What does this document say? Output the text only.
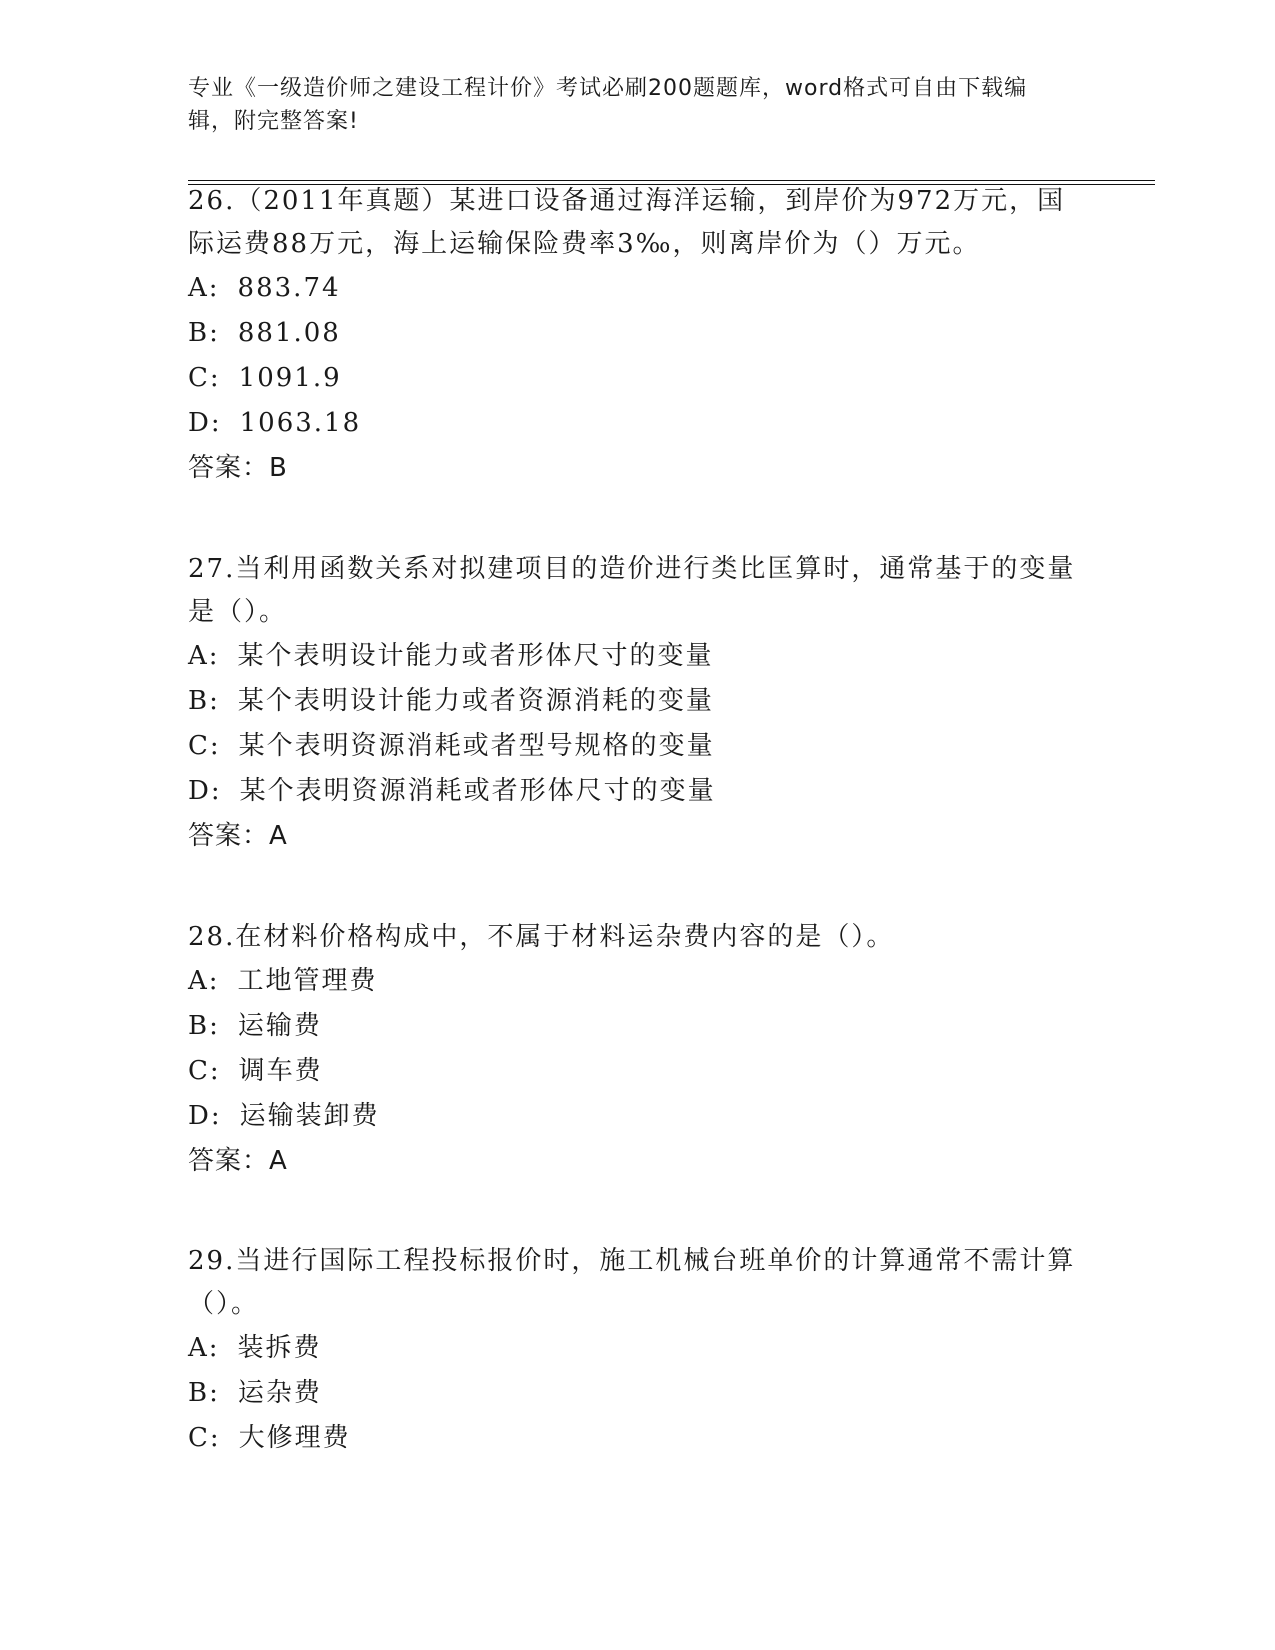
专业《一级造价师之建设工程计价》考试必刷200题题库，word格式可自由下载编辑，附完整答案!

26.（2011年真题）某进口设备通过海洋运输，到岸价为972万元，国际运费88万元，海上运输保险费率3‰，则离岸价为（）万元。

A: 883.74
B: 881.08
C: 1091.9
D: 1063.18
答案：B

27.当利用函数关系对拟建项目的造价进行类比匡算时，通常基于的变量是（）。

A: 某个表明设计能力或者形体尺寸的变量
B: 某个表明设计能力或者资源消耗的变量
C: 某个表明资源消耗或者型号规格的变量
D: 某个表明资源消耗或者形体尺寸的变量
答案：A

28.在材料价格构成中，不属于材料运杂费内容的是（）。

A: 工地管理费
B: 运输费
C: 调车费
D: 运输装卸费
答案：A

29.当进行国际工程投标报价时，施工机械台班单价的计算通常不需计算（）。

A: 装拆费
B: 运杂费
C: 大修理费
